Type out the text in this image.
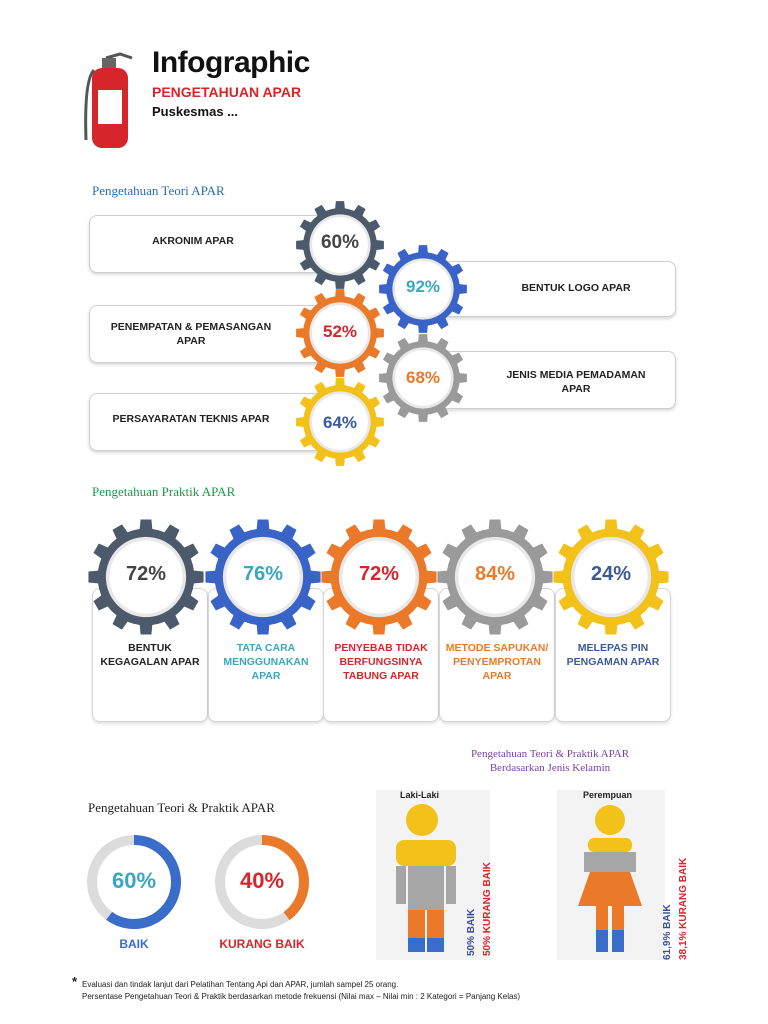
Infographic
PENGETAHUAN APAR
Puskesmas ...
Pengetahuan Teori APAR
AKRONIM APAR
BENTUK LOGO APAR
PENEMPATAN & PEMASANGAN APAR
JENIS MEDIA PEMADAMAN APAR
PERSAYARATAN TEKNIS APAR
60%
92%
52%
68%
64%
Pengetahuan Praktik APAR
BENTUK KEGAGALAN APAR
TATA CARA MENGGUNAKAN APAR
PENYEBAB TIDAK BERFUNGSINYA TABUNG APAR
METODE SAPUKAN/ PENYEMPROTAN APAR
MELEPAS PIN PENGAMAN APAR
72%	76%	72%	84%	24%
Pengetahuan Teori & Praktik APAR
60%
BAIK
40%
KURANG BAIK
Pengetahuan Teori & Praktik APAR
Berdasarkan Jenis Kelamin
Laki-Laki
50% BAIK 50% KURANG BAIK
Perempuan
61,9% BAIK 38,1% KURANG BAIK
* Evaluasi dan tindak lanjut dari Pelatihan Tentang Api dan APAR, jumlah sampel 25 orang.
Persentase Pengetahuan Teori & Praktik berdasarkan metode frekuensi (Nilai max – Nilai min : 2 Kategori = Panjang Kelas)
